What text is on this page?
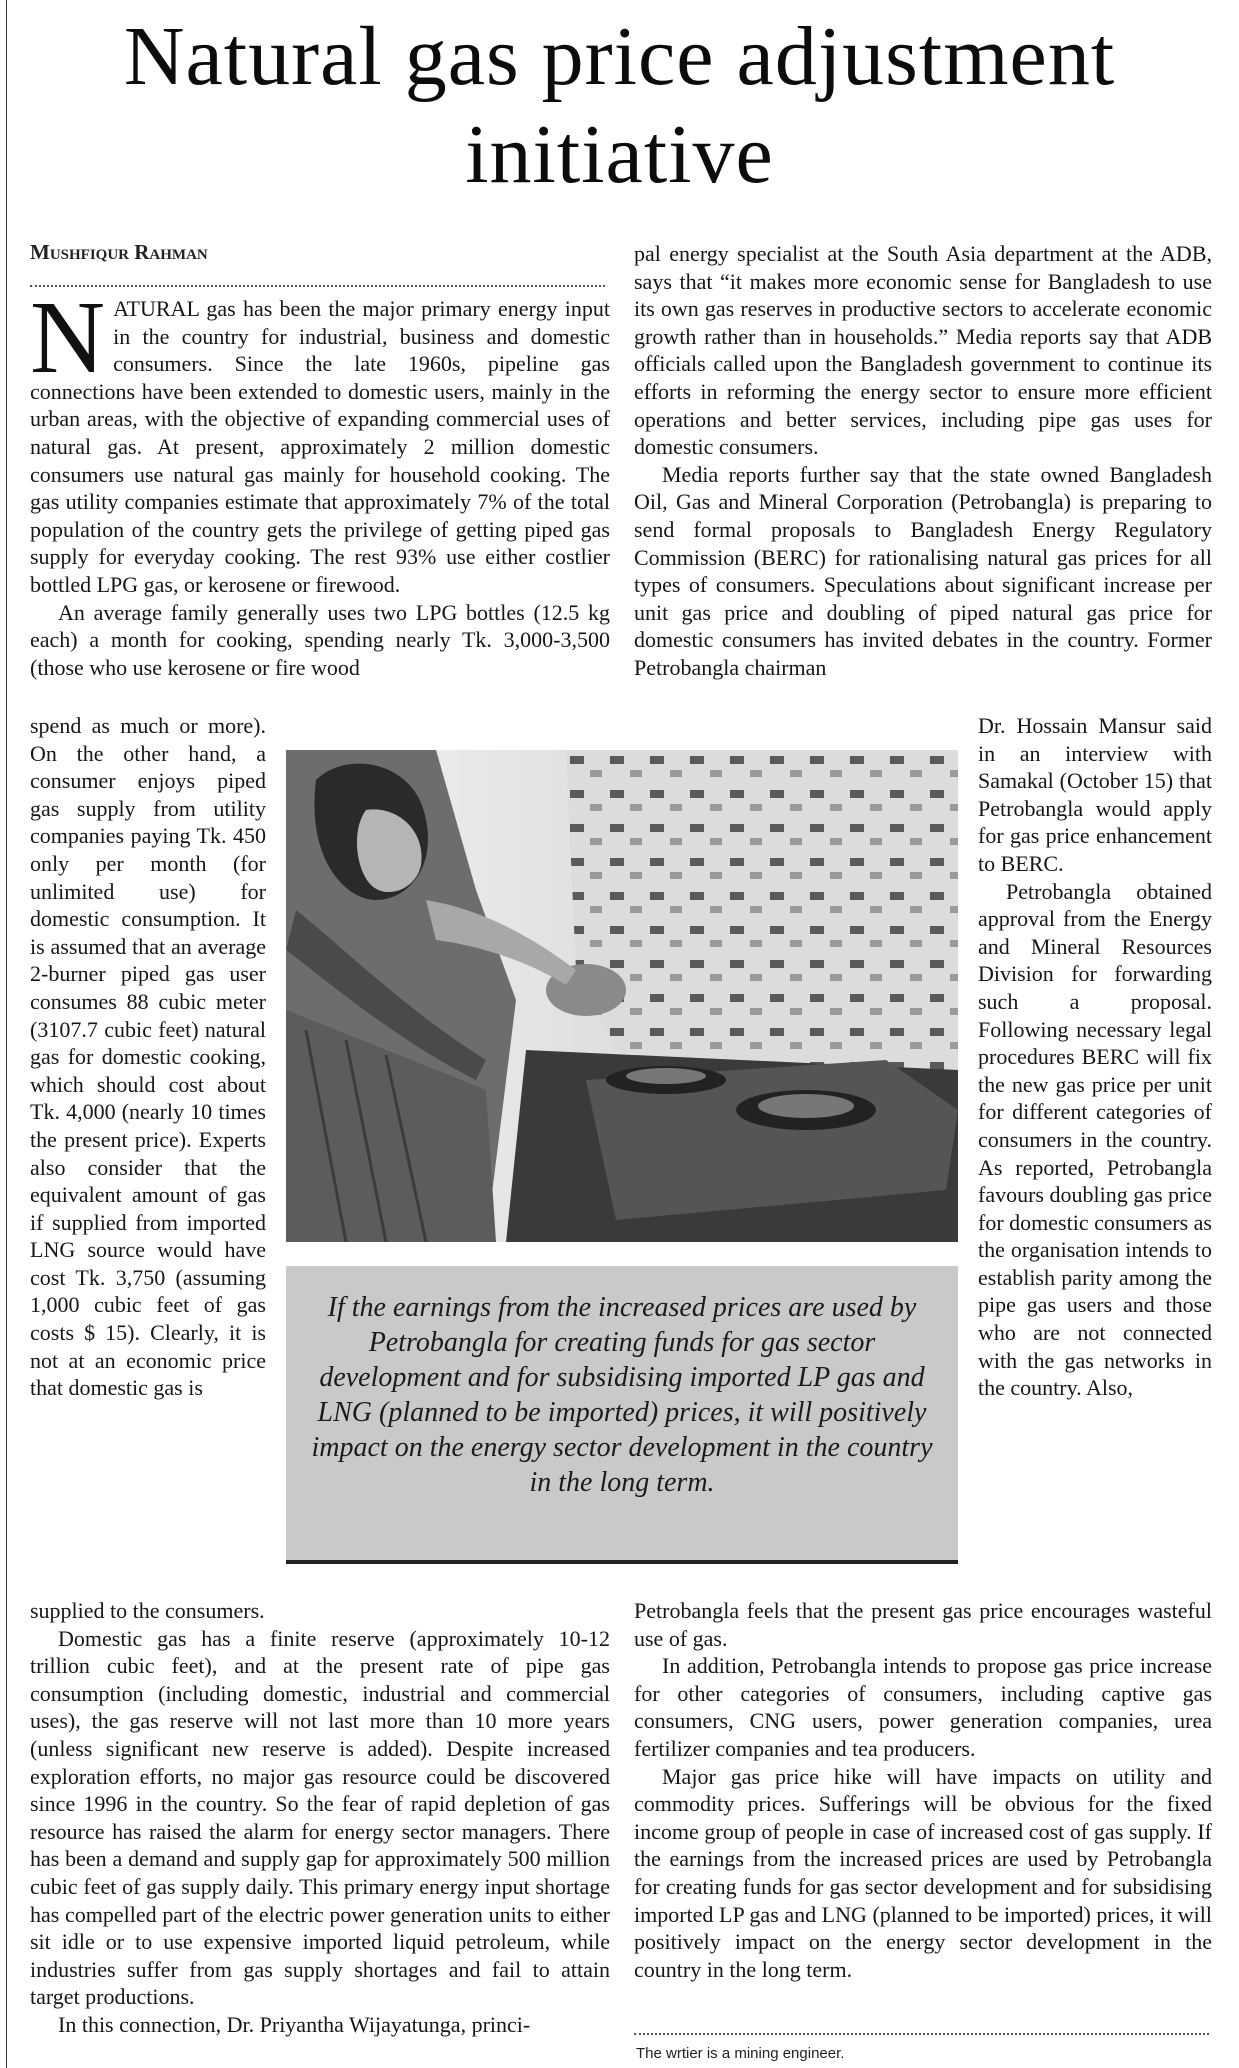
Natural gas price adjustment
initiative
Mushfiqur Rahman

NATURAL gas has been the major primary energy input in the country for industrial, business and domestic consumers. Since the late 1960s, pipeline gas connections have been extended to domestic users, mainly in the urban areas, with the objective of expanding commercial uses of natural gas. At present, approximately 2 million domestic consumers use natural gas mainly for household cooking. The gas utility companies estimate that approximately 7% of the total population of the country gets the privilege of getting piped gas supply for everyday cooking. The rest 93% use either costlier bottled LPG gas, or kerosene or firewood.

An average family generally uses two LPG bottles (12.5 kg each) a month for cooking, spending nearly Tk. 3,000-3,500 (those who use kerosene or fire wood

spend as much or more). On the other hand, a consumer enjoys piped gas supply from utility companies paying Tk. 450 only per month (for unlimited use) for domestic consumption. It is assumed that an average 2-burner piped gas user consumes 88 cubic meter (3107.7 cubic feet) natural gas for domestic cooking, which should cost about Tk. 4,000 (nearly 10 times the present price). Experts also consider that the equivalent amount of gas if supplied from imported LNG source would have cost Tk. 3,750 (assuming 1,000 cubic feet of gas costs $ 15). Clearly, it is not at an economic price that domestic gas is

supplied to the consumers.

Domestic gas has a finite reserve (approximately 10-12 trillion cubic feet), and at the present rate of pipe gas consumption (including domestic, industrial and commercial uses), the gas reserve will not last more than 10 more years (unless significant new reserve is added). Despite increased exploration efforts, no major gas resource could be discovered since 1996 in the country. So the fear of rapid depletion of gas resource has raised the alarm for energy sector managers. There has been a demand and supply gap for approximately 500 million cubic feet of gas supply daily. This primary energy input shortage has compelled part of the electric power generation units to either sit idle or to use expensive imported liquid petroleum, while industries suffer from gas supply shortages and fail to attain target productions.

In this connection, Dr. Priyantha Wijayatunga, princi-

pal energy specialist at the South Asia department at the ADB, says that “it makes more economic sense for Bangladesh to use its own gas reserves in productive sectors to accelerate economic growth rather than in households.” Media reports say that ADB officials called upon the Bangladesh government to continue its efforts in reforming the energy sector to ensure more efficient operations and better services, including pipe gas uses for domestic consumers.

Media reports further say that the state owned Bangladesh Oil, Gas and Mineral Corporation (Petrobangla) is preparing to send formal proposals to Bangladesh Energy Regulatory Commission (BERC) for rationalising natural gas prices for all types of consumers. Speculations about significant increase per unit gas price and doubling of piped natural gas price for domestic consumers has invited debates in the country. Former Petrobangla chairman

Dr. Hossain Mansur said in an interview with Samakal (October 15) that Petrobangla would apply for gas price enhancement to BERC.

Petrobangla obtained approval from the Energy and Mineral Resources Division for forwarding such a proposal. Following necessary legal procedures BERC will fix the new gas price per unit for different categories of consumers in the country. As reported, Petrobangla favours doubling gas price for domestic consumers as the organisation intends to establish parity among the pipe gas users and those who are not connected with the gas networks in the country. Also,

Petrobangla feels that the present gas price encourages wasteful use of gas.

In addition, Petrobangla intends to propose gas price increase for other categories of consumers, including captive gas consumers, CNG users, power generation companies, urea fertilizer companies and tea producers.

Major gas price hike will have impacts on utility and commodity prices. Sufferings will be obvious for the fixed income group of people in case of increased cost of gas supply. If the earnings from the increased prices are used by Petrobangla for creating funds for gas sector development and for subsidising imported LP gas and LNG (planned to be imported) prices, it will positively impact on the energy sector development in the country in the long term.

If the earnings from the increased prices are used by Petrobangla for creating funds for gas sector development and for subsidising imported LP gas and LNG (planned to be imported) prices, it will positively impact on the energy sector development in the country in the long term.

The wrtier is a mining engineer.
